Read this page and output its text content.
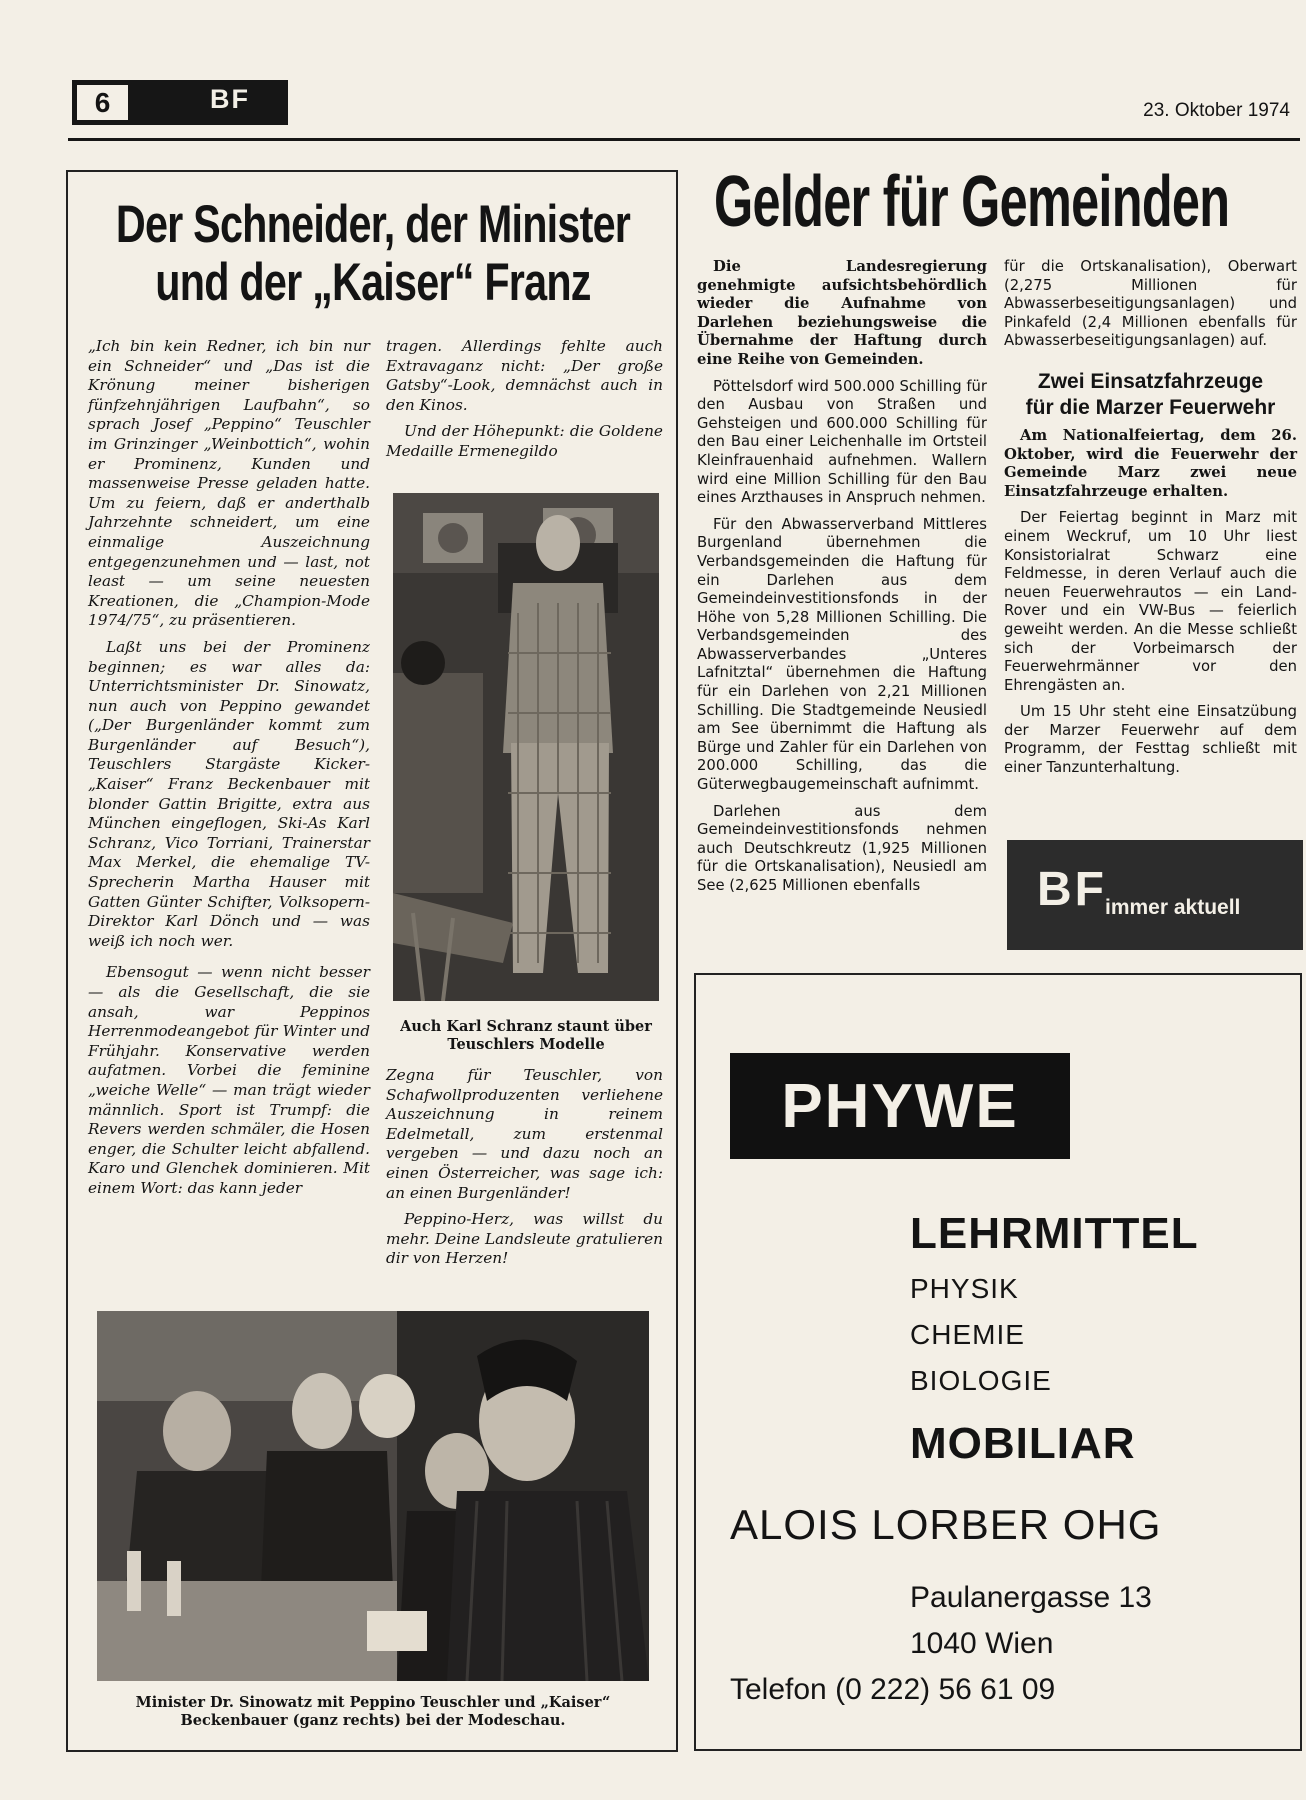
6	BF	23. Oktober 1974
Der Schneider, der Minister
und der „Kaiser“ Franz

„Ich bin kein Redner, ich bin nur ein Schneider“ und „Das ist die Krönung meiner bisherigen fünfzehnjährigen Laufbahn“, so sprach Josef „Peppino“ Teuschler im Grinzinger „Weinbottich“, wohin er Prominenz, Kunden und massenweise Presse geladen hatte. Um zu feiern, daß er anderthalb Jahrzehnte schneidert, um eine einmalige Auszeichnung entgegenzunehmen und — last, not least — um seine neuesten Kreationen, die „Champion-Mode 1974/75“, zu präsentieren.

Laßt uns bei der Prominenz beginnen; es war alles da: Unterrichtsminister Dr. Sinowatz, nun auch von Peppino gewandet („Der Burgenländer kommt zum Burgenländer auf Besuch“), Teuschlers Stargäste Kicker-„Kaiser“ Franz Beckenbauer mit blonder Gattin Brigitte, extra aus München eingeflogen, Ski-As Karl Schranz, Vico Torriani, Trainerstar Max Merkel, die ehemalige TV-Sprecherin Martha Hauser mit Gatten Günter Schifter, Volksopern-Direktor Karl Dönch und — was weiß ich noch wer.

Ebensogut — wenn nicht besser — als die Gesellschaft, die sie ansah, war Peppinos Herrenmodeangebot für Winter und Frühjahr. Konservative werden aufatmen. Vorbei die feminine „weiche Welle“ — man trägt wieder männlich. Sport ist Trumpf: die Revers werden schmäler, die Hosen enger, die Schulter leicht abfallend. Karo und Glenchek dominieren. Mit einem Wort: das kann jeder

tragen. Allerdings fehlte auch Extravaganz nicht: „Der große Gatsby“-Look, demnächst auch in den Kinos.

Und der Höhepunkt: die Goldene Medaille Ermenegildo

Auch Karl Schranz staunt über Teuschlers Modelle

Zegna für Teuschler, von Schafwollproduzenten verliehene Auszeichnung in reinem Edelmetall, zum erstenmal vergeben — und dazu noch an einen Österreicher, was sage ich: an einen Burgenländer!

Peppino-Herz, was willst du mehr. Deine Landsleute gratulieren dir von Herzen!

Minister Dr. Sinowatz mit Peppino Teuschler und „Kaiser“ Beckenbauer (ganz rechts) bei der Modeschau.
Gelder für Gemeinden

Die Landesregierung genehmigte aufsichtsbehördlich wieder die Aufnahme von Darlehen beziehungsweise die Übernahme der Haftung durch eine Reihe von Gemeinden.

Pöttelsdorf wird 500.000 Schilling für den Ausbau von Straßen und Gehsteigen und 600.000 Schilling für den Bau einer Leichenhalle im Ortsteil Kleinfrauenhaid aufnehmen. Wallern wird eine Million Schilling für den Bau eines Arzthauses in Anspruch nehmen.

Für den Abwasserverband Mittleres Burgenland übernehmen die Verbandsgemeinden die Haftung für ein Darlehen aus dem Gemeindeinvestitionsfonds in der Höhe von 5,28 Millionen Schilling. Die Verbandsgemeinden des Abwasserverbandes „Unteres Lafnitztal“ übernehmen die Haftung für ein Darlehen von 2,21 Millionen Schilling. Die Stadtgemeinde Neusiedl am See übernimmt die Haftung als Bürge und Zahler für ein Darlehen von 200.000 Schilling, das die Güterwegbaugemeinschaft aufnimmt.

Darlehen aus dem Gemeindeinvestitionsfonds nehmen auch Deutschkreutz (1,925 Millionen für die Ortskanalisation), Neusiedl am See (2,625 Millionen ebenfalls

für die Ortskanalisation), Oberwart (2,275 Millionen für Abwasserbeseitigungsanlagen) und Pinkafeld (2,4 Millionen ebenfalls für Abwasserbeseitigungsanlagen) auf.

Zwei Einsatzfahrzeuge
für die Marzer Feuerwehr

Am Nationalfeiertag, dem 26. Oktober, wird die Feuerwehr der Gemeinde Marz zwei neue Einsatzfahrzeuge erhalten.

Der Feiertag beginnt in Marz mit einem Weckruf, um 10 Uhr liest Konsistorialrat Schwarz eine Feldmesse, in deren Verlauf auch die neuen Feuerwehrautos — ein Land-Rover und ein VW-Bus — feierlich geweiht werden. An die Messe schließt sich der Vorbeimarsch der Feuerwehrmänner vor den Ehrengästen an.

Um 15 Uhr steht eine Einsatzübung der Marzer Feuerwehr auf dem Programm, der Festtag schließt mit einer Tanzunterhaltung.

BF
immer aktuell
PHYWE
LEHRMITTEL
PHYSIK
CHEMIE
BIOLOGIE
MOBILIAR
ALOIS LORBER OHG
Paulanergasse 13
1040 Wien
Telefon (0 222) 56 61 09
